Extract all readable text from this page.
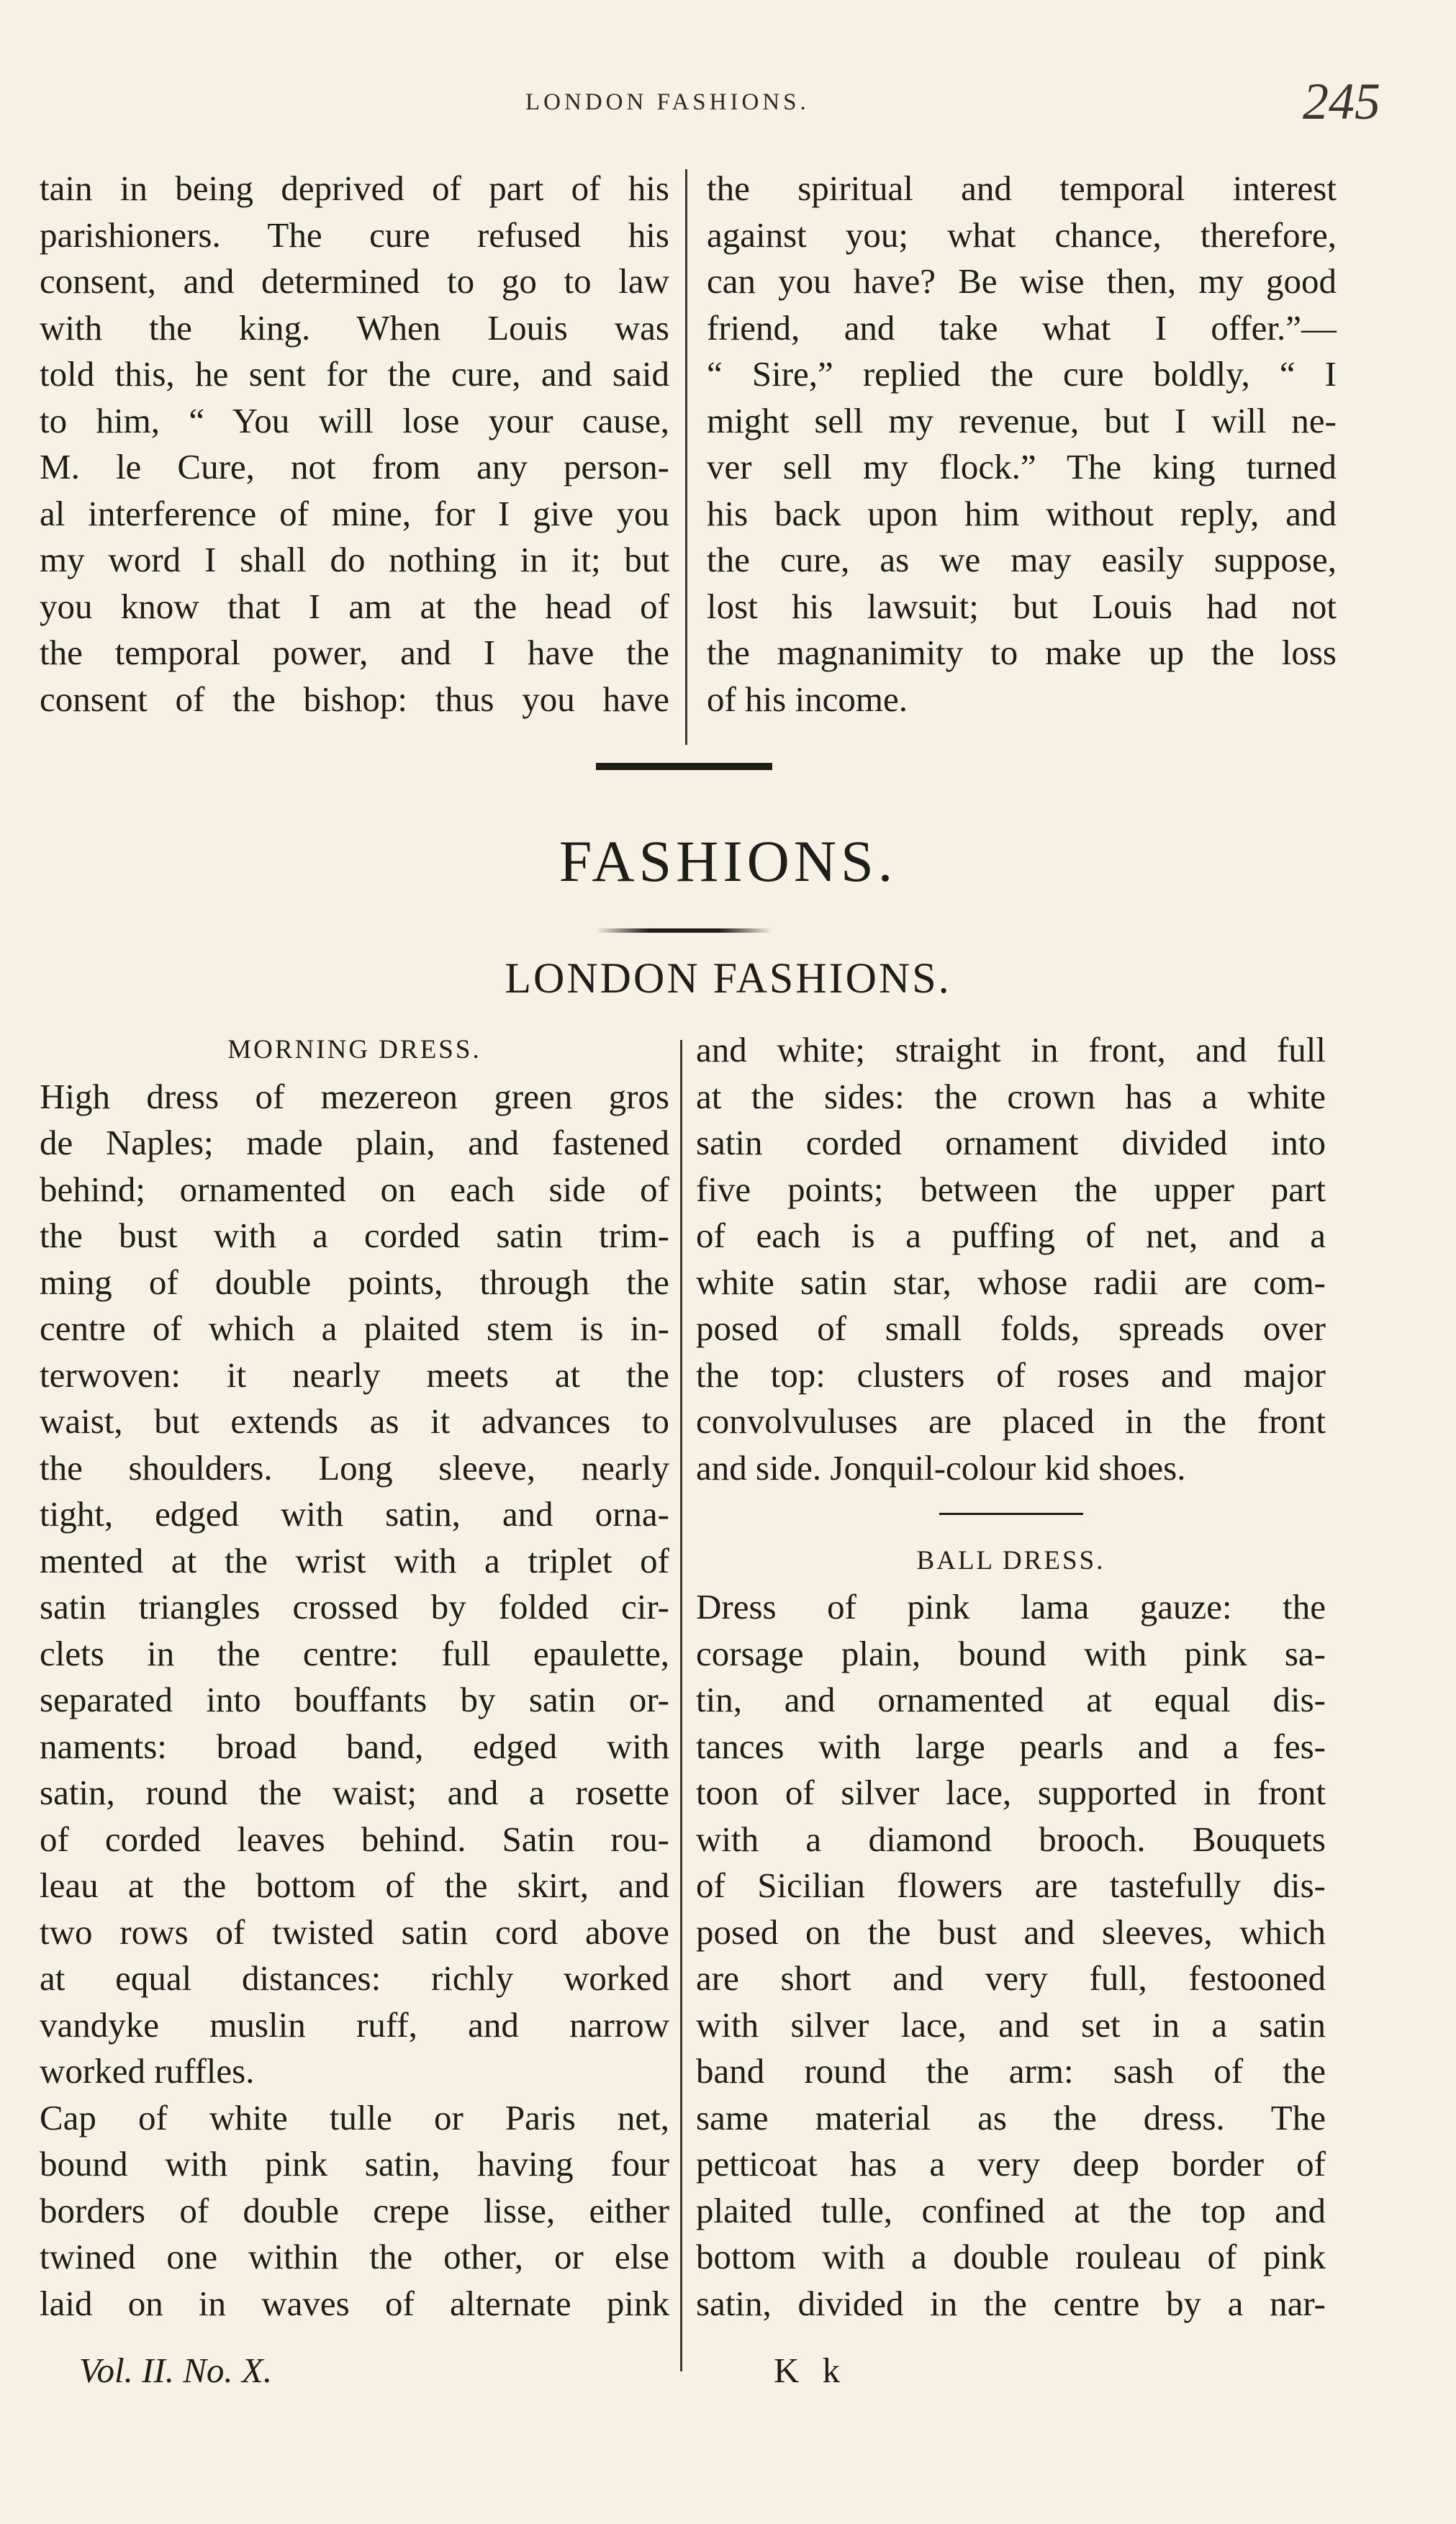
LONDON FASHIONS.	245
tain in being deprived of part of his
parishioners. The cure refused his
consent, and determined to go to law
with the king. When Louis was
told this, he sent for the cure, and said
to him, “ You will lose your cause,
M. le Cure, not from any person-
al interference of mine, for I give you
my word I shall do nothing in it; but
you know that I am at the head of
the temporal power, and I have the
consent of the bishop: thus you have
the spiritual and temporal interest
against you; what chance, therefore,
can you have? Be wise then, my good
friend, and take what I offer.”—
“ Sire,” replied the cure boldly, “ I
might sell my revenue, but I will ne-
ver sell my flock.” The king turned
his back upon him without reply, and
the cure, as we may easily suppose,
lost his lawsuit; but Louis had not
the magnanimity to make up the loss
of his income.
FASHIONS.
LONDON FASHIONS.
MORNING DRESS.
High dress of mezereon green gros
de Naples; made plain, and fastened
behind; ornamented on each side of
the bust with a corded satin trim-
ming of double points, through the
centre of which a plaited stem is in-
terwoven: it nearly meets at the
waist, but extends as it advances to
the shoulders. Long sleeve, nearly
tight, edged with satin, and orna-
mented at the wrist with a triplet of
satin triangles crossed by folded cir-
clets in the centre: full epaulette,
separated into bouffants by satin or-
naments: broad band, edged with
satin, round the waist; and a rosette
of corded leaves behind. Satin rou-
leau at the bottom of the skirt, and
two rows of twisted satin cord above
at equal distances: richly worked
vandyke muslin ruff, and narrow
worked ruffles.
Cap of white tulle or Paris net,
bound with pink satin, having four
borders of double crepe lisse, either
twined one within the other, or else
laid on in waves of alternate pink
and white; straight in front, and full
at the sides: the crown has a white
satin corded ornament divided into
five points; between the upper part
of each is a puffing of net, and a
white satin star, whose radii are com-
posed of small folds, spreads over
the top: clusters of roses and major
convolvuluses are placed in the front
and side. Jonquil-colour kid shoes.
BALL DRESS.
Dress of pink lama gauze: the
corsage plain, bound with pink sa-
tin, and ornamented at equal dis-
tances with large pearls and a fes-
toon of silver lace, supported in front
with a diamond brooch. Bouquets
of Sicilian flowers are tastefully dis-
posed on the bust and sleeves, which
are short and very full, festooned
with silver lace, and set in a satin
band round the arm: sash of the
same material as the dress. The
petticoat has a very deep border of
plaited tulle, confined at the top and
bottom with a double rouleau of pink
satin, divided in the centre by a nar-
Vol. II. No. X.	K k
